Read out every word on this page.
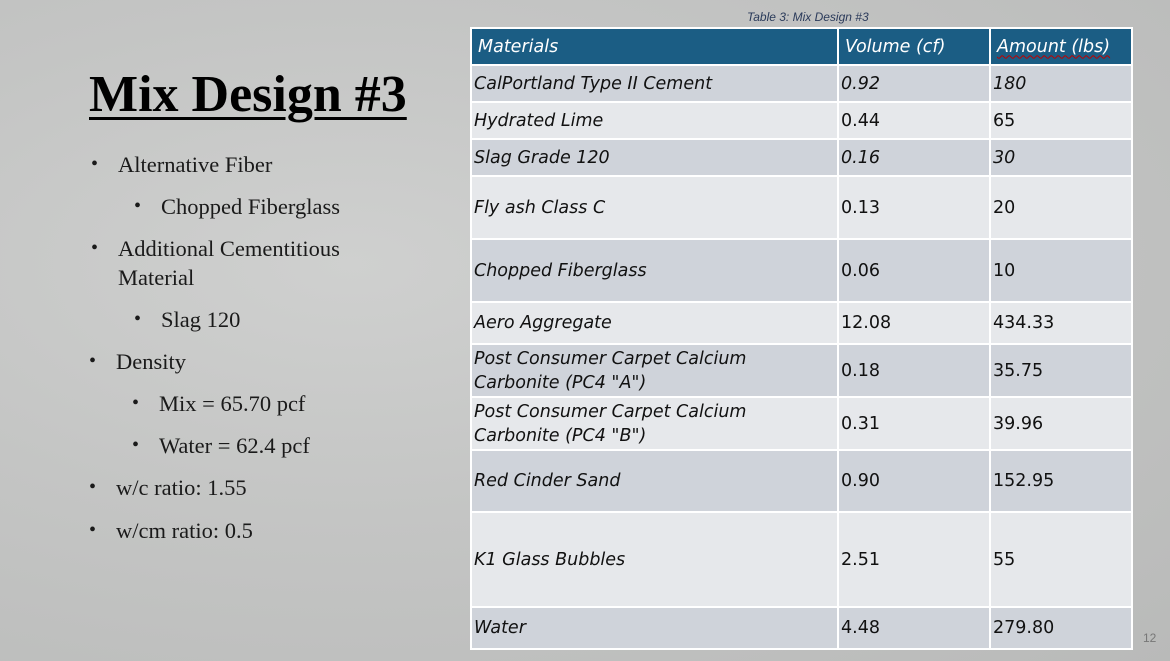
Mix Design #3
• Alternative Fiber
• Chopped Fiberglass
• Additional Cementitious
Material
• Slag 120
• Density
• Mix = 65.70 pcf
• Water = 62.4 pcf
• w/c ratio: 1.55
• w/cm ratio: 0.5
Table 3: Mix Design #3
Materials	Volume (cf)	Amount (lbs)
CalPortland Type II Cement	0.92	180
Hydrated Lime	0.44	65
Slag Grade 120	0.16	30
Fly ash Class C	0.13	20
Chopped Fiberglass	0.06	10
Aero Aggregate	12.08	434.33
Post Consumer Carpet Calcium Carbonite (PC4 "A")	0.18	35.75
Post Consumer Carpet Calcium Carbonite (PC4 "B")	0.31	39.96
Red Cinder Sand	0.90	152.95
K1 Glass Bubbles	2.51	55
Water	4.48	279.80	12
